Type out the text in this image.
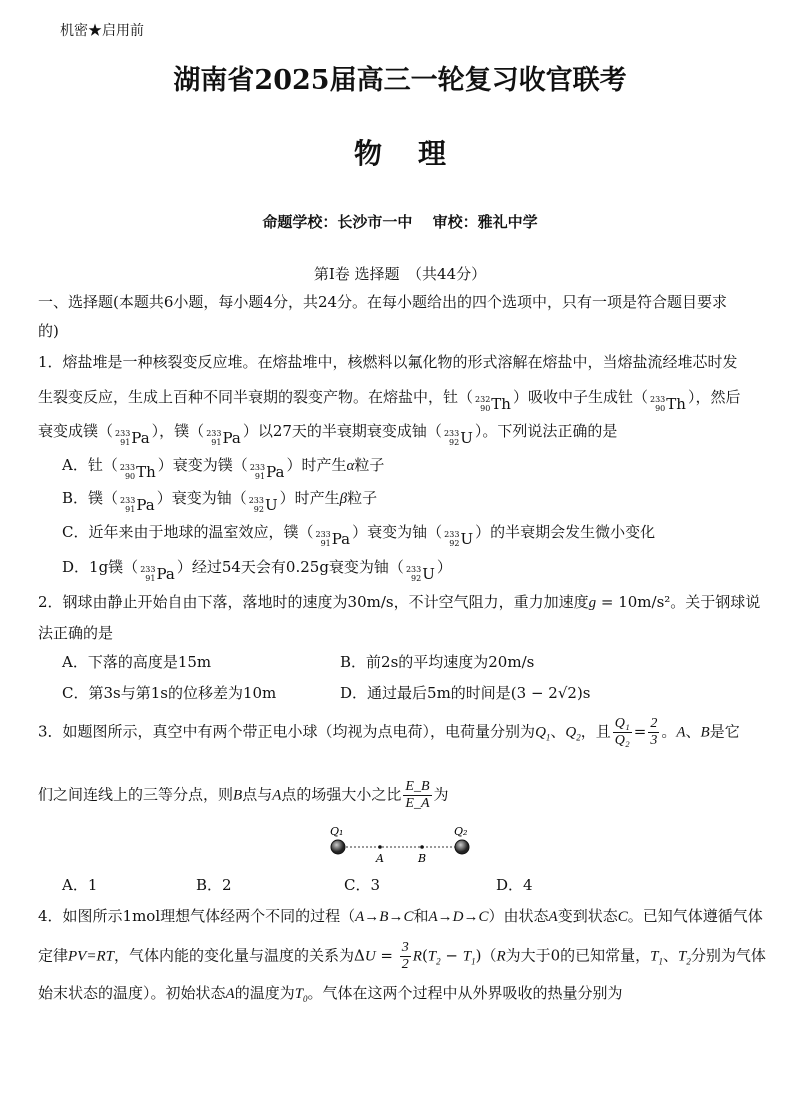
机密★启用前
湖南省2025届高三一轮复习收官联考
物理
命题学校：长沙市一中　 审校：雅礼中学
第Ⅰ卷 选择题　（共44分）
一、选择题(本题共6小题，每小题4分，共24分。在每小题给出的四个选项中，只有一项是符合题目要求
的)
1．熔盐堆是一种核裂变反应堆。在熔盐堆中，核燃料以氟化物的形式溶解在熔盐中，当熔盐流经堆芯时发
生裂变反应，生成上百种不同半衰期的裂变产物。在熔盐中，钍（ 232
90 Th ）吸收中子生成钍（ 233
90 Th ），然后
衰变成镤（ 233
91 Pa ），镤（ 233
91 Pa ）以27天的半衰期衰变成铀（ 233
92 U ）。下列说法正确的是
A．钍（ 233
90 Th ）衰变为镤（ 233
91 Pa ）时产生α粒子
B．镤（ 233
91 Pa ）衰变为铀（ 233
92 U ）时产生β粒子
C．近年来由于地球的温室效应，镤（ 233
91 Pa ）衰变为铀（ 233
92 U ）的半衰期会发生微小变化
D．1g镤（ 233
91 Pa ）经过54天会有0.25g衰变为铀（ 233
92 U ）
2．钢球由静止开始自由下落，落地时的速度为30m/s，不计空气阻力，重力加速度g = 10m/s²。关于钢球说
法正确的是
3．如题图所示，真空中有两个带正电小球（均视为点电荷），电荷量分别为$Q_1$、$Q_2$，且 $\frac{\text{Q₁}}{\text{Q₂}} = \frac{2}{3}$ 。A、B是它
们之间连线上的三等分点，则B点与A点的场强大小之比 $\frac{E\_B}{E\_A}$ 为
4．如图所示1mol理想气体经两个不同的过程（A→B→C和A→D→C）由状态A变到状态C。已知气体遵循气体
定律PV=RT，气体内能的变化量与温度的关系为$\Delta U = \frac{3}{2} R(T_2 - T_1)(R$为大于0的已知常量，$T_1$、$T_2$分别为气体
始末状态的温度）。初始状态A的温度为$T_0$。气体在这两个过程中从外界吸收的热量分别为
A．下落的高度是15m	B．前2s的平均速度为20m/s
C．第3s与第1s的位移差为10m	D．通过最后5m的时间是(3 − 2√2)s
Q₁	Q₂
A	B
A．1	B．2	C．3	D．4
